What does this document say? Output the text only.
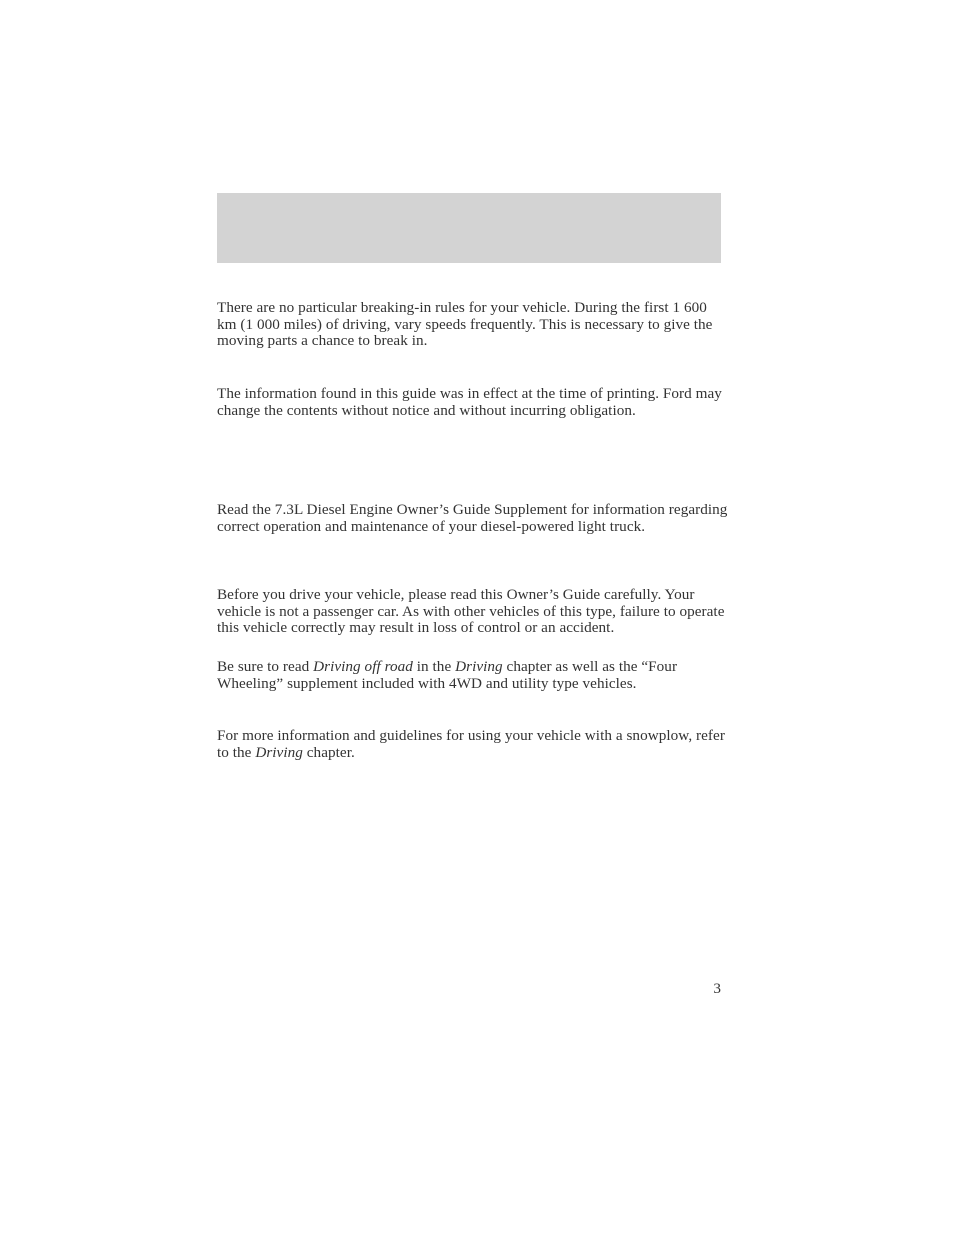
There are no particular breaking-in rules for your vehicle. During the first 1 600 km (1 000 miles) of driving, vary speeds frequently. This is necessary to give the moving parts a chance to break in.

The information found in this guide was in effect at the time of printing. Ford may change the contents without notice and without incurring obligation.

Read the 7.3L Diesel Engine Owner’s Guide Supplement for information regarding correct operation and maintenance of your diesel-powered light truck.

Before you drive your vehicle, please read this Owner’s Guide carefully. Your vehicle is not a passenger car. As with other vehicles of this type, failure to operate this vehicle correctly may result in loss of control or an accident.

Be sure to read Driving off road in the Driving chapter as well as the “Four Wheeling” supplement included with 4WD and utility type vehicles.

For more information and guidelines for using your vehicle with a snowplow, refer to the Driving chapter.

3
